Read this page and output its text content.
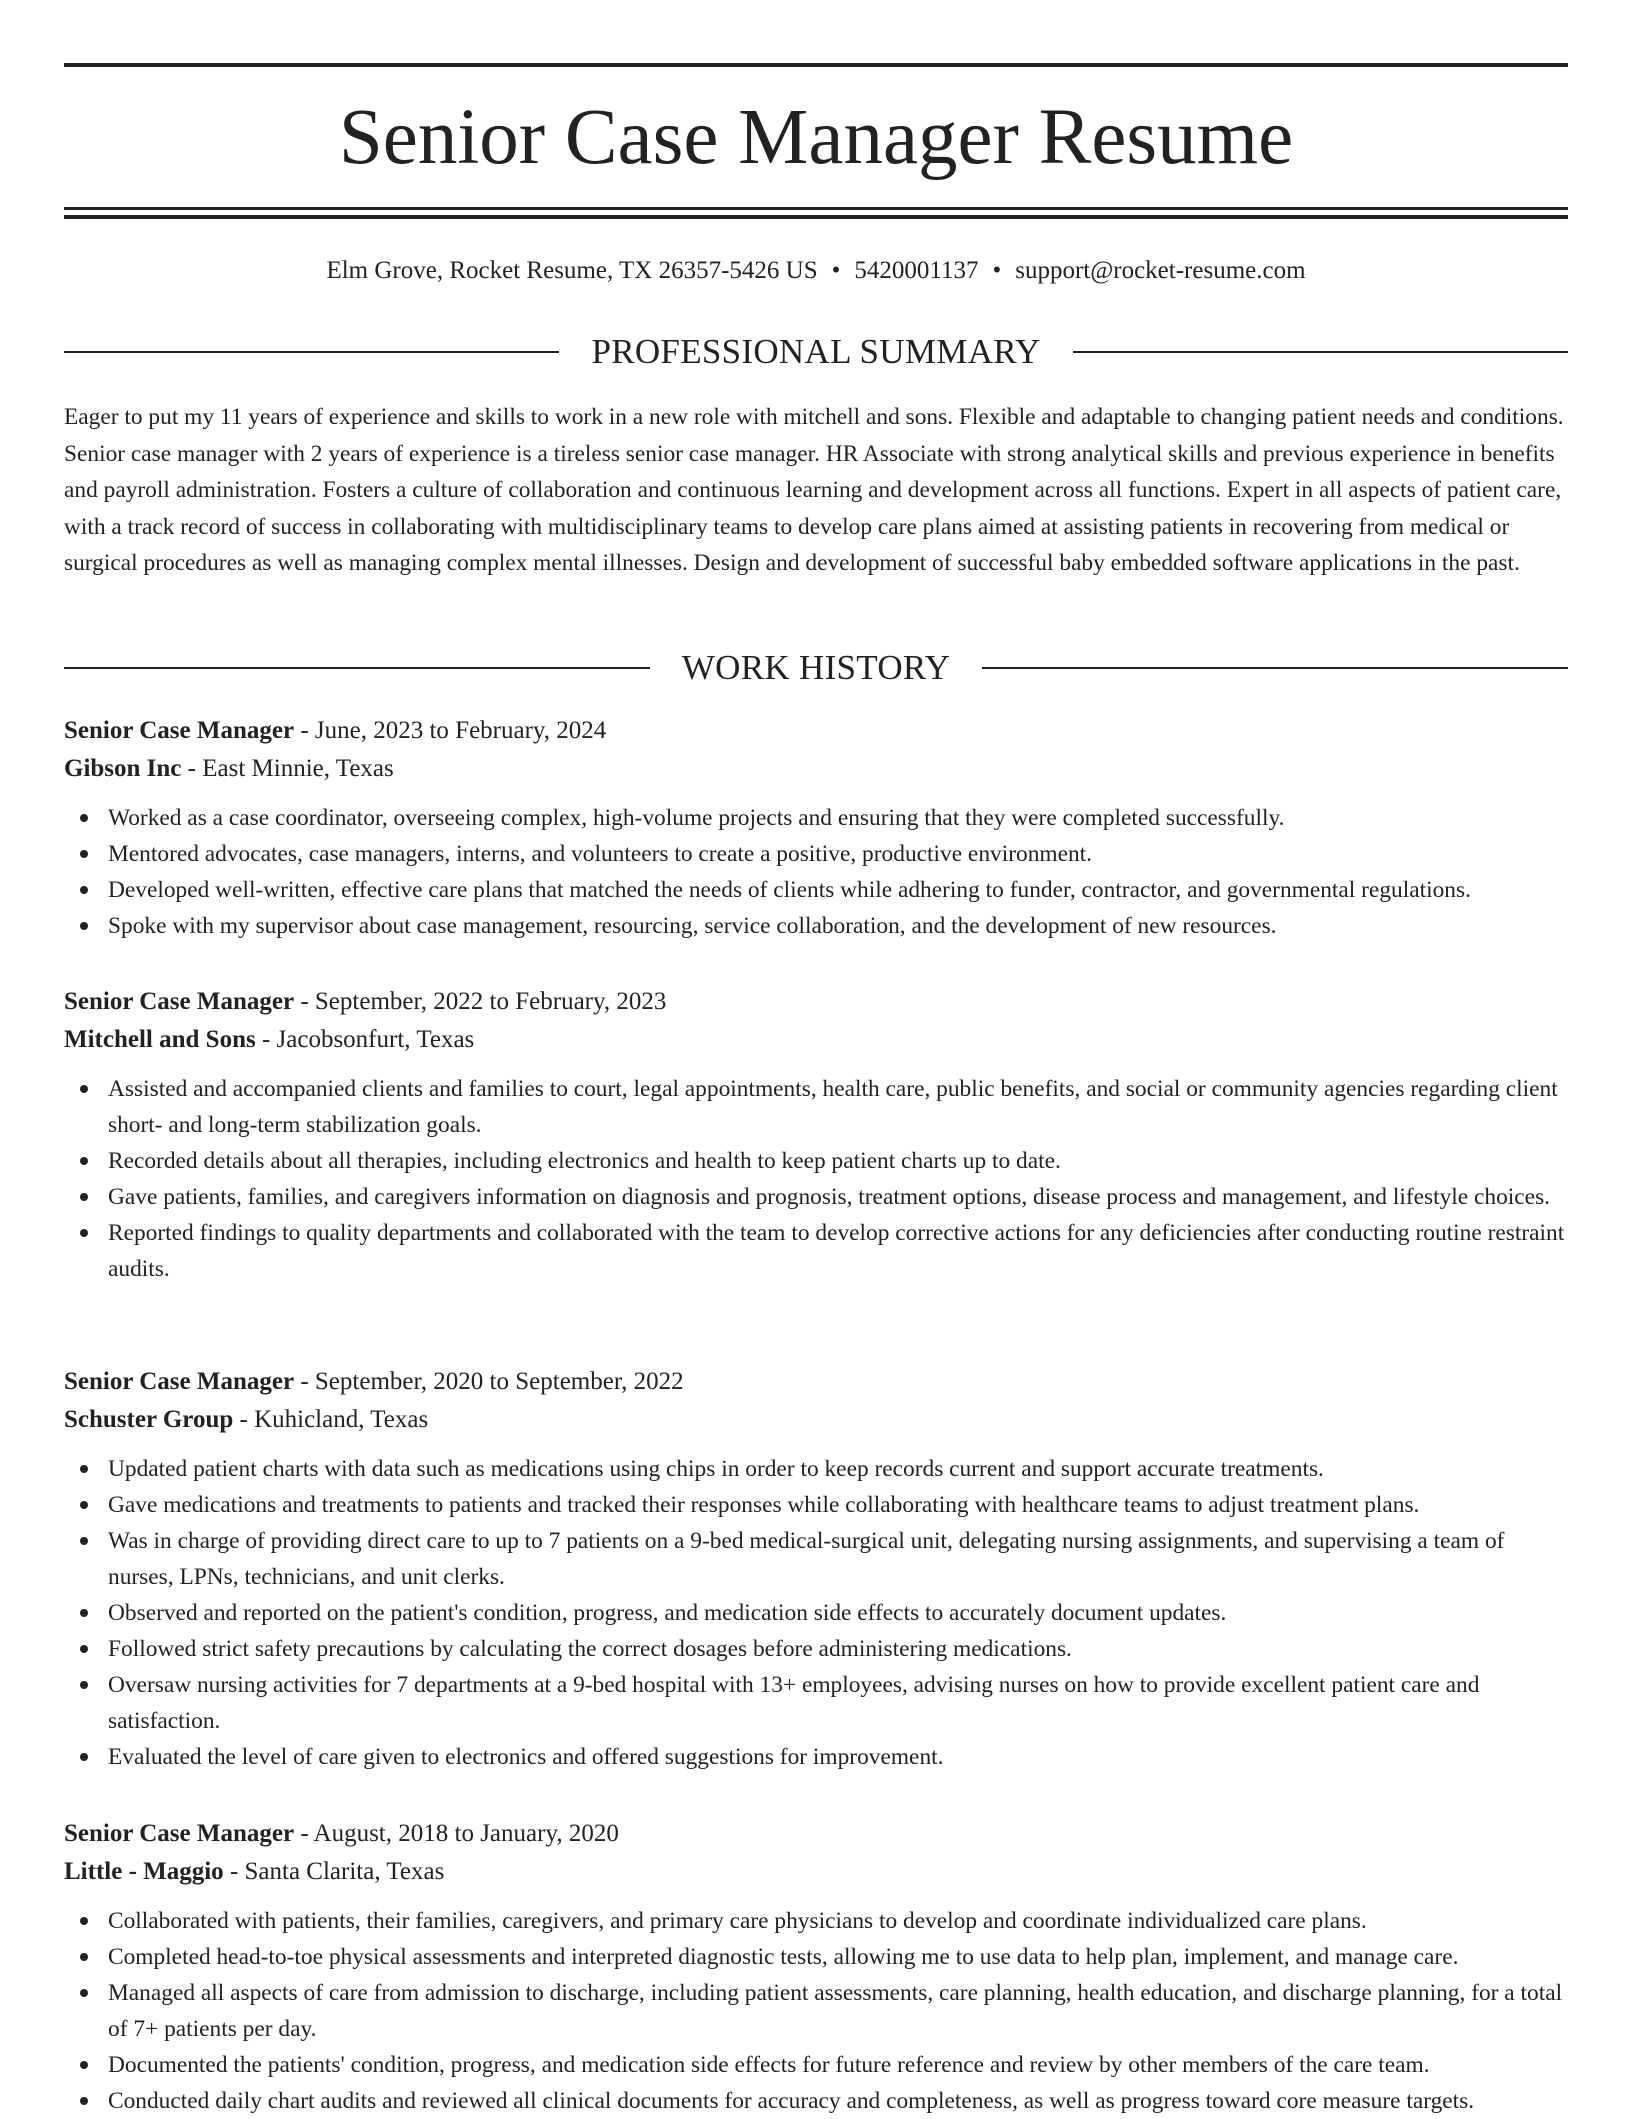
Senior Case Manager Resume
Elm Grove, Rocket Resume, TX 26357-5426 US • 5420001137 • support@rocket-resume.com
PROFESSIONAL SUMMARY

Eager to put my 11 years of experience and skills to work in a new role with mitchell and sons. Flexible and adaptable to changing patient needs and conditions. Senior case manager with 2 years of experience is a tireless senior case manager. HR Associate with strong analytical skills and previous experience in benefits and payroll administration. Fosters a culture of collaboration and continuous learning and development across all functions. Expert in all aspects of patient care, with a track record of success in collaborating with multidisciplinary teams to develop care plans aimed at assisting patients in recovering from medical or surgical procedures as well as managing complex mental illnesses. Design and development of successful baby embedded software applications in the past.

WORK HISTORY

Senior Case Manager - June, 2023 to February, 2024

Gibson Inc - East Minnie, Texas

Worked as a case coordinator, overseeing complex, high-volume projects and ensuring that they were completed successfully.
Mentored advocates, case managers, interns, and volunteers to create a positive, productive environment.
Developed well-written, effective care plans that matched the needs of clients while adhering to funder, contractor, and governmental regulations.
Spoke with my supervisor about case management, resourcing, service collaboration, and the development of new resources.

Senior Case Manager - September, 2022 to February, 2023

Mitchell and Sons - Jacobsonfurt, Texas

Assisted and accompanied clients and families to court, legal appointments, health care, public benefits, and social or community agencies regarding client short- and long-term stabilization goals.
Recorded details about all therapies, including electronics and health to keep patient charts up to date.
Gave patients, families, and caregivers information on diagnosis and prognosis, treatment options, disease process and management, and lifestyle choices.
Reported findings to quality departments and collaborated with the team to develop corrective actions for any deficiencies after conducting routine restraint audits.

Senior Case Manager - September, 2020 to September, 2022

Schuster Group - Kuhicland, Texas

Updated patient charts with data such as medications using chips in order to keep records current and support accurate treatments.
Gave medications and treatments to patients and tracked their responses while collaborating with healthcare teams to adjust treatment plans.
Was in charge of providing direct care to up to 7 patients on a 9-bed medical-surgical unit, delegating nursing assignments, and supervising a team of nurses, LPNs, technicians, and unit clerks.
Observed and reported on the patient's condition, progress, and medication side effects to accurately document updates.
Followed strict safety precautions by calculating the correct dosages before administering medications.
Oversaw nursing activities for 7 departments at a 9-bed hospital with 13+ employees, advising nurses on how to provide excellent patient care and satisfaction.
Evaluated the level of care given to electronics and offered suggestions for improvement.

Senior Case Manager - August, 2018 to January, 2020

Little - Maggio - Santa Clarita, Texas

Collaborated with patients, their families, caregivers, and primary care physicians to develop and coordinate individualized care plans.
Completed head-to-toe physical assessments and interpreted diagnostic tests, allowing me to use data to help plan, implement, and manage care.
Managed all aspects of care from admission to discharge, including patient assessments, care planning, health education, and discharge planning, for a total of 7+ patients per day.
Documented the patients' condition, progress, and medication side effects for future reference and review by other members of the care team.
Conducted daily chart audits and reviewed all clinical documents for accuracy and completeness, as well as progress toward core measure targets.
